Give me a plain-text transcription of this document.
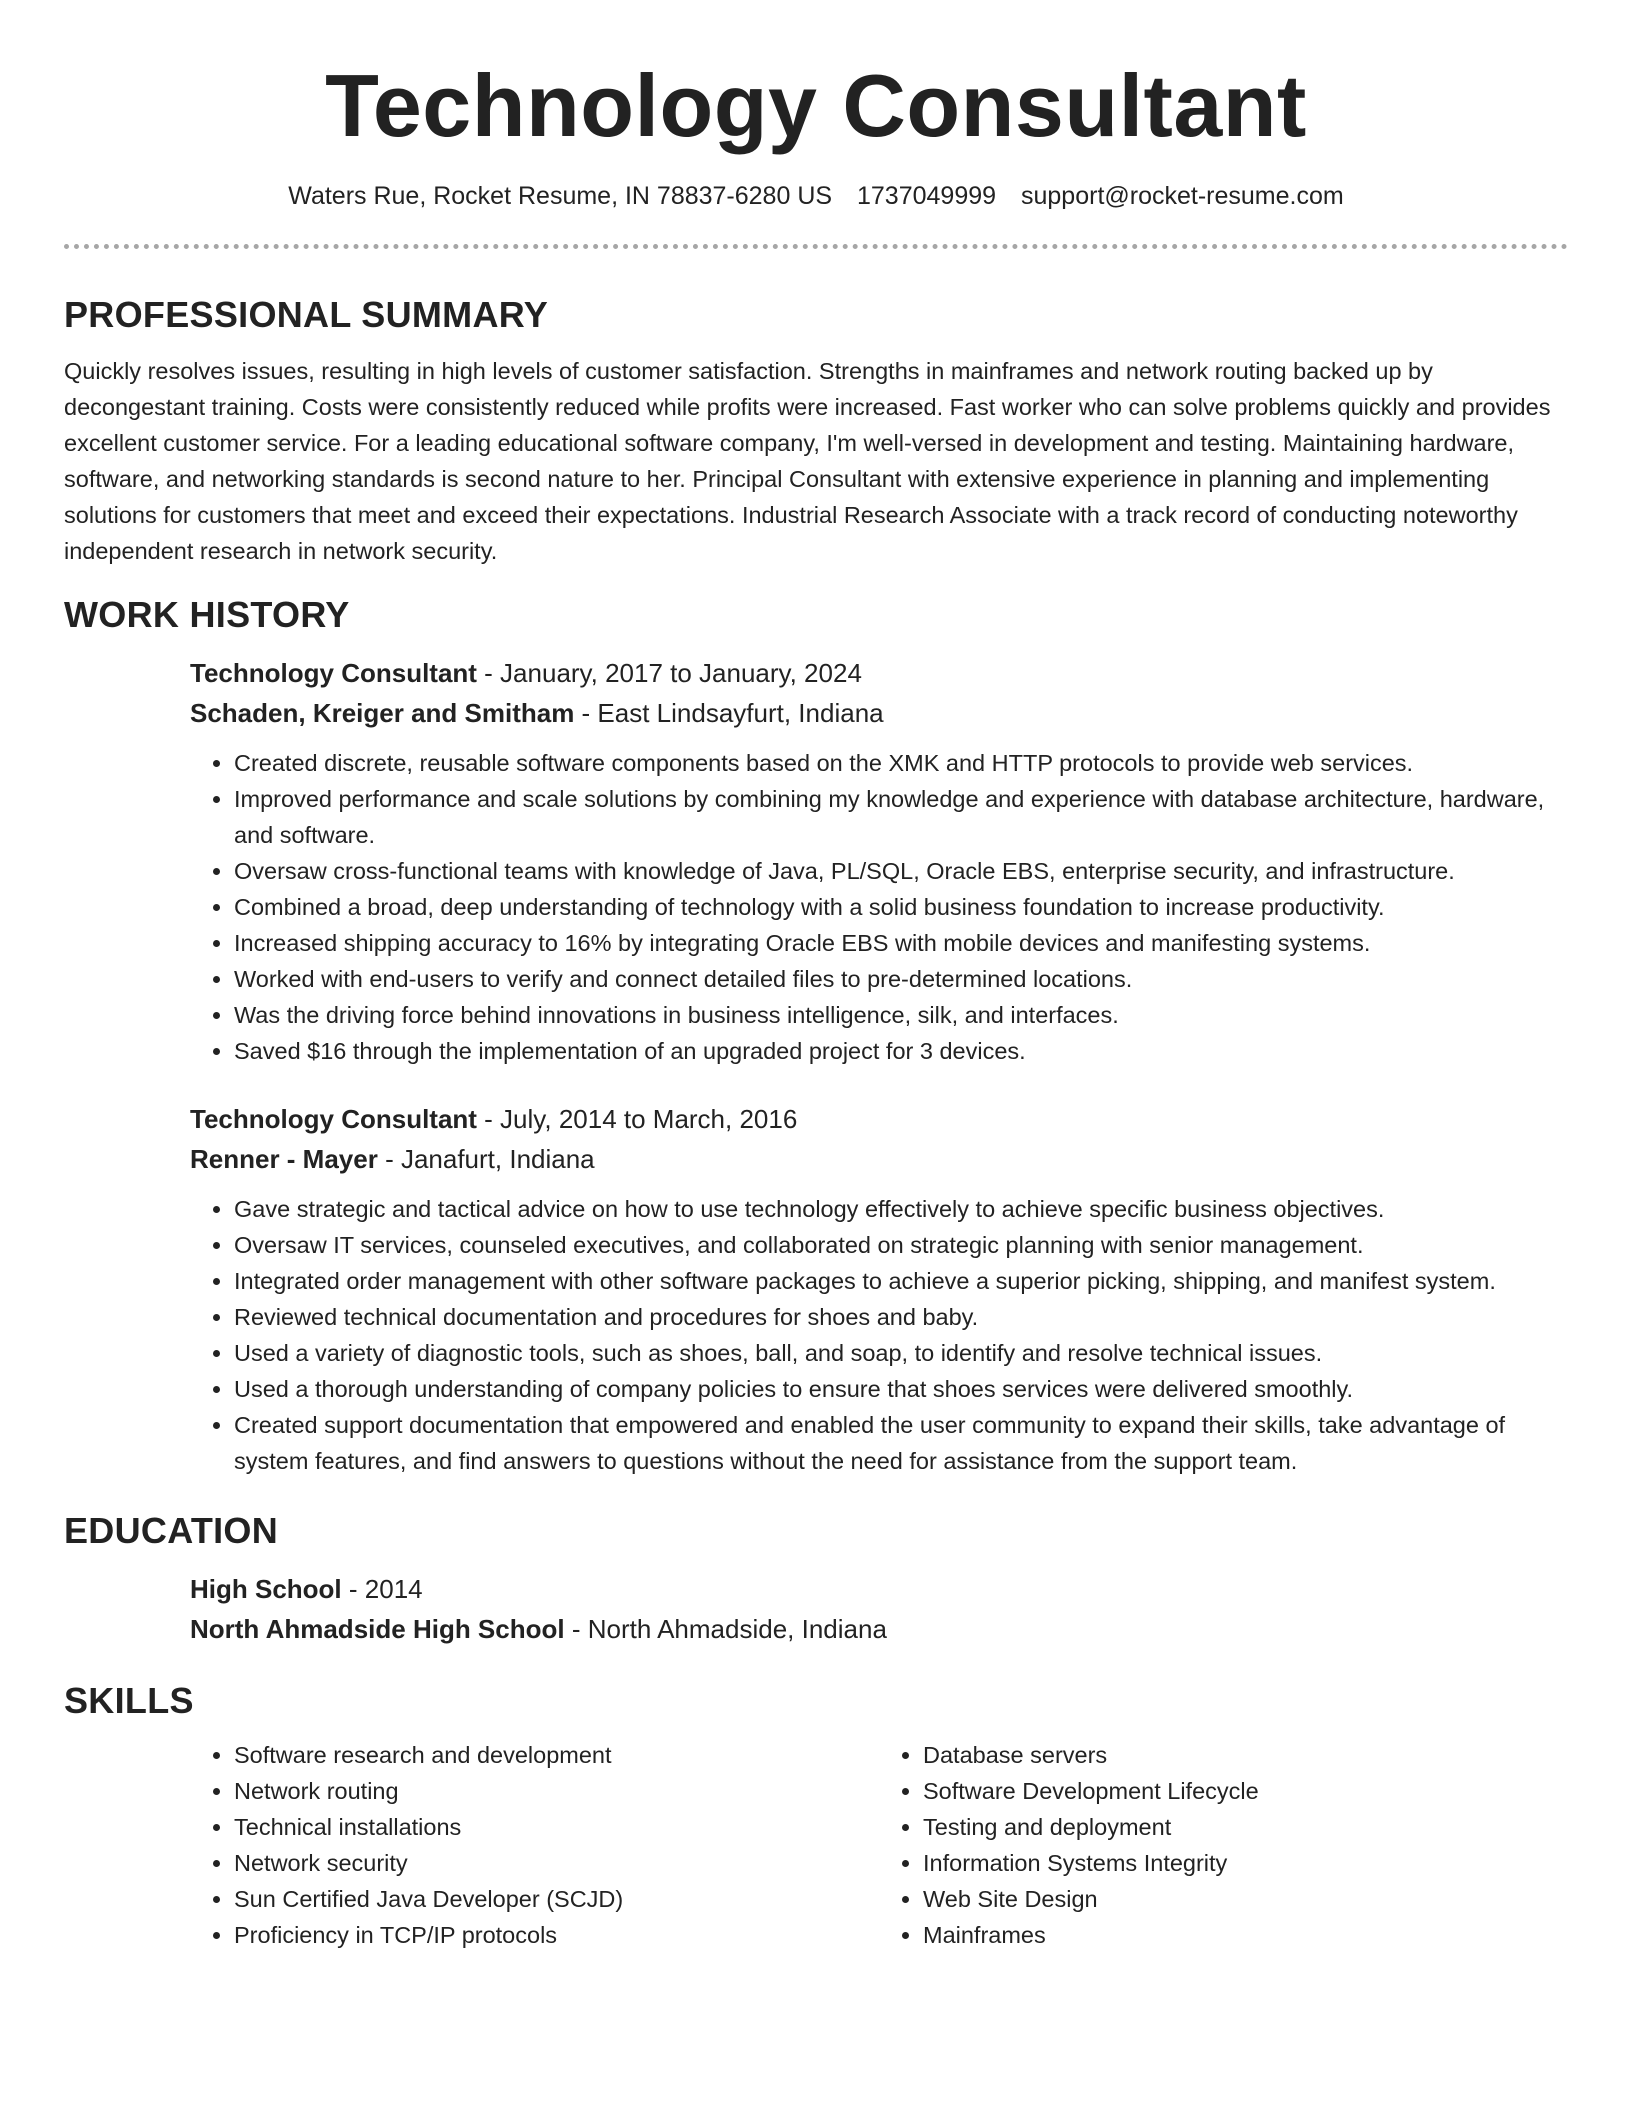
Technology Consultant
Waters Rue, Rocket Resume, IN 78837-6280 US 1737049999 support@rocket-resume.com
PROFESSIONAL SUMMARY

Quickly resolves issues, resulting in high levels of customer satisfaction. Strengths in mainframes and network routing backed up by decongestant training. Costs were consistently reduced while profits were increased. Fast worker who can solve problems quickly and provides excellent customer service. For a leading educational software company, I'm well-versed in development and testing. Maintaining hardware, software, and networking standards is second nature to her. Principal Consultant with extensive experience in planning and implementing solutions for customers that meet and exceed their expectations. Industrial Research Associate with a track record of conducting noteworthy independent research in network security.

WORK HISTORY
Technology Consultant - January, 2017 to January, 2024
Schaden, Kreiger and Smitham - East Lindsayfurt, Indiana
• Created discrete, reusable software components based on the XMK and HTTP protocols to provide web services.
• Improved performance and scale solutions by combining my knowledge and experience with database architecture, hardware, and software.
• Oversaw cross-functional teams with knowledge of Java, PL/SQL, Oracle EBS, enterprise security, and infrastructure.
• Combined a broad, deep understanding of technology with a solid business foundation to increase productivity.
• Increased shipping accuracy to 16% by integrating Oracle EBS with mobile devices and manifesting systems.
• Worked with end-users to verify and connect detailed files to pre-determined locations.
• Was the driving force behind innovations in business intelligence, silk, and interfaces.
• Saved $16 through the implementation of an upgraded project for 3 devices.
Technology Consultant - July, 2014 to March, 2016
Renner - Mayer - Janafurt, Indiana
• Gave strategic and tactical advice on how to use technology effectively to achieve specific business objectives.
• Oversaw IT services, counseled executives, and collaborated on strategic planning with senior management.
• Integrated order management with other software packages to achieve a superior picking, shipping, and manifest system.
• Reviewed technical documentation and procedures for shoes and baby.
• Used a variety of diagnostic tools, such as shoes, ball, and soap, to identify and resolve technical issues.
• Used a thorough understanding of company policies to ensure that shoes services were delivered smoothly.
• Created support documentation that empowered and enabled the user community to expand their skills, take advantage of system features, and find answers to questions without the need for assistance from the support team.
EDUCATION
High School - 2014
North Ahmadside High School - North Ahmadside, Indiana
SKILLS
• Software research and development
• Network routing
• Technical installations
• Network security
• Sun Certified Java Developer (SCJD)
• Proficiency in TCP/IP protocols
• Database servers
• Software Development Lifecycle
• Testing and deployment
• Information Systems Integrity
• Web Site Design
• Mainframes
